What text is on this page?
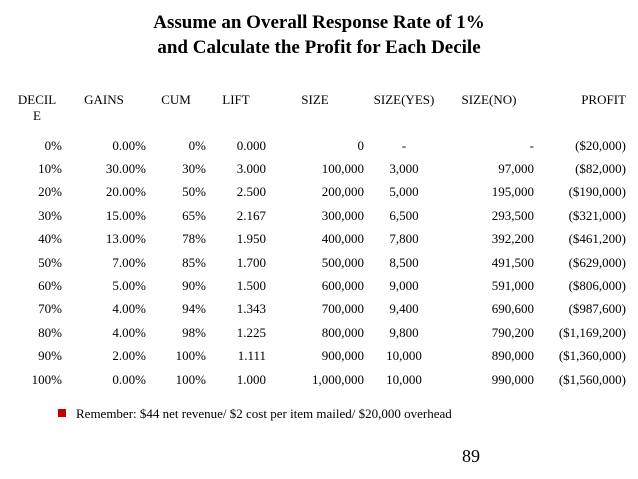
Assume an Overall Response Rate of 1%
and Calculate the Profit for Each Decile
DECIL
E	GAINS	CUM	LIFT	SIZE	SIZE(YES)	SIZE(NO)	PROFIT
0%	0.00%	0%	0.000	0	-	-	($20,000)
10%	30.00%	30%	3.000	100,000	3,000	97,000	($82,000)
20%	20.00%	50%	2.500	200,000	5,000	195,000	($190,000)
30%	15.00%	65%	2.167	300,000	6,500	293,500	($321,000)
40%	13.00%	78%	1.950	400,000	7,800	392,200	($461,200)
50%	7.00%	85%	1.700	500,000	8,500	491,500	($629,000)
60%	5.00%	90%	1.500	600,000	9,000	591,000	($806,000)
70%	4.00%	94%	1.343	700,000	9,400	690,600	($987,600)
80%	4.00%	98%	1.225	800,000	9,800	790,200	($1,169,200)
90%	2.00%	100%	1.111	900,000	10,000	890,000	($1,360,000)
100%	0.00%	100%	1.000	1,000,000	10,000	990,000	($1,560,000)
Remember: $44 net revenue/ $2 cost per item mailed/ $20,000 overhead
89
